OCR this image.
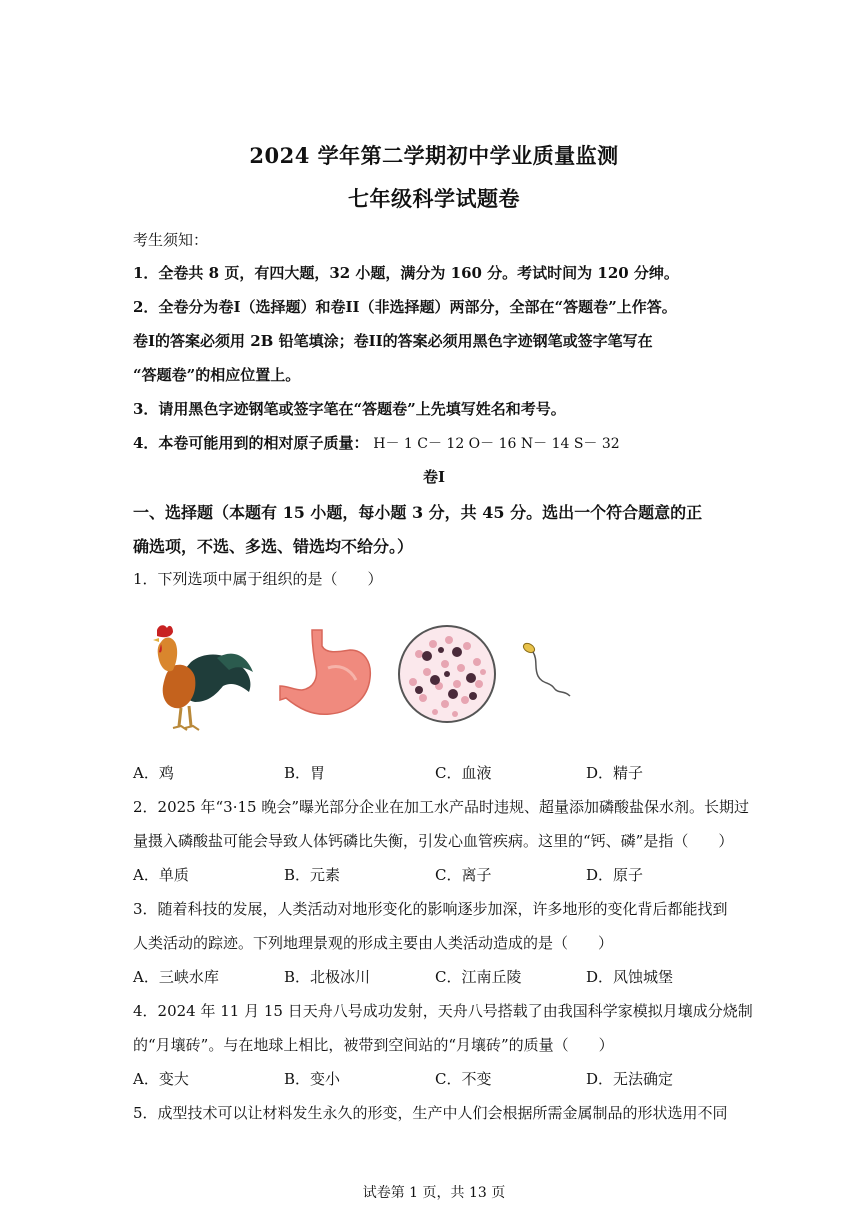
2024 学年第二学期初中学业质量监测
七年级科学试题卷
考生须知：
1．全卷共 8 页，有四大题，32 小题，满分为 160 分。考试时间为 120 分绅。
2．全卷分为卷I（选择题）和卷II（非选择题）两部分，全部在“答题卷”上作答。
卷I的答案必须用 2B 铅笔填涂；卷II的答案必须用黑色字迹钢笔或签字笔写在
“答题卷”的相应位置上。
3．请用黑色字迹钢笔或签字笔在“答题卷”上先填写姓名和考号。
4．本卷可能用到的相对原子质量： H－ 1 C－ 12 O－ 16 N－ 14 S－ 32
卷I
一、选择题（本题有 15 小题，每小题 3 分，共 45 分。选出一个符合题意的正
确选项，不选、多选、错选均不给分。）
1．下列选项中属于组织的是（　　）
A．鸡	B．胃	C．血液	D．精子
2．2025 年“3·15 晚会”曝光部分企业在加工水产品时违规、超量添加磷酸盐保水剂。长期过
量摄入磷酸盐可能会导致人体钙磷比失衡，引发心血管疾病。这里的“钙、磷”是指（　　）
A．单质	B．元素	C．离子	D．原子
3．随着科技的发展，人类活动对地形变化的影响逐步加深，许多地形的变化背后都能找到
人类活动的踪迹。下列地理景观的形成主要由人类活动造成的是（　　）
A．三峡水库	B．北极冰川	C．江南丘陵	D．风蚀城堡
4．2024 年 11 月 15 日天舟八号成功发射，天舟八号搭载了由我国科学家模拟月壤成分烧制
的“月壤砖”。与在地球上相比，被带到空间站的“月壤砖”的质量（　　）
A．变大	B．变小	C．不变	D．无法确定
5．成型技术可以让材料发生永久的形变，生产中人们会根据所需金属制品的形状选用不同
试卷第 1 页，共 13 页
